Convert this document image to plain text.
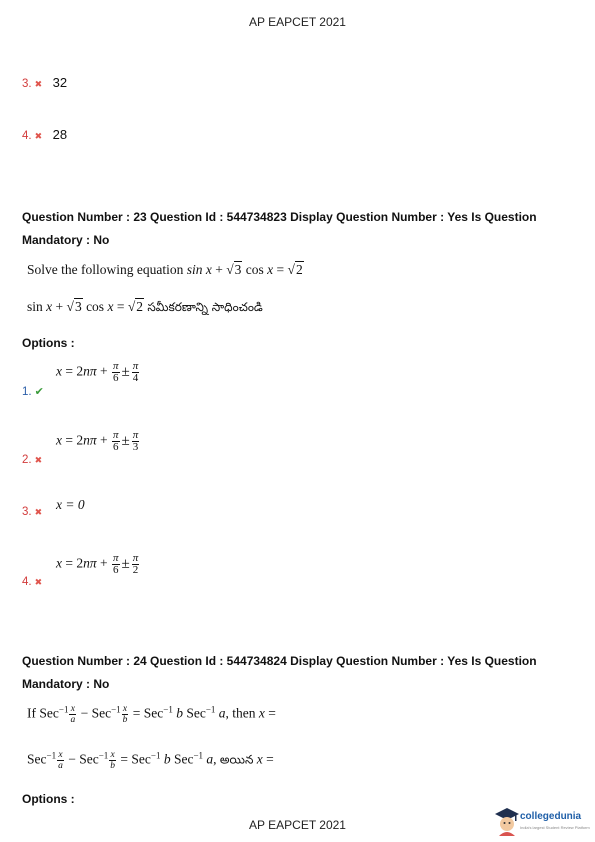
AP EAPCET 2021
3. ✖ 32
4. ✖ 28
Question Number : 23 Question Id : 544734823 Display Question Number : Yes Is Question
Mandatory : No
Solve the following equation sin x + √3 cos x = √2
sin x + √3 cos x = √2 సమీకరణాన్ని సాధించండి
Options :
$x = 2n\pi + \frac{\pi}{6} \pm \frac{\pi}{4}$
1. ✔
$x = 2n\pi + \frac{\pi}{6} \pm \frac{\pi}{3}$
2. ✖
3. ✖ x = 0
$x = 2n\pi + \frac{\pi}{6} \pm \frac{\pi}{2}$
4. ✖
Question Number : 24 Question Id : 544734824 Display Question Number : Yes Is Question
Mandatory : No
If $Sec^{-1} \frac{x}{a} - Sec^{-1} \frac{x}{b} = Sec^{-1}$ b Sec$^{-1}$ a, then x =
$Sec^{-1} \frac{x}{a} - Sec^{-1} \frac{x}{b} = Sec^{-1}$ b Sec$^{-1}$ a, అయిన x =
Options :
collegedunia
India's largest Student Review Platform
AP EAPCET 2021
